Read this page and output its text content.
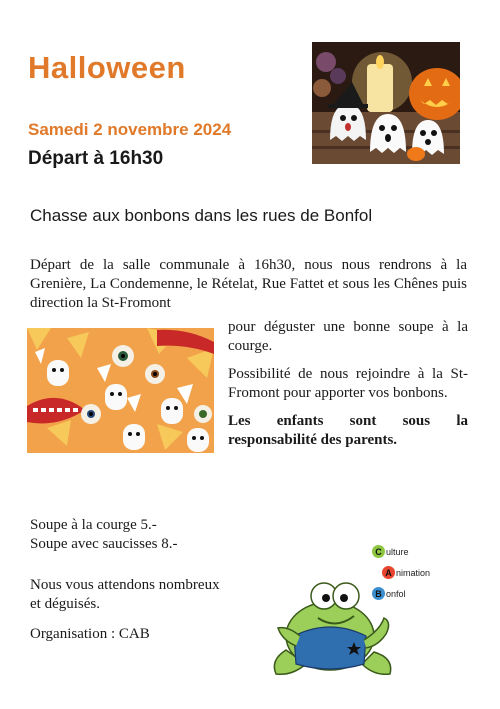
Halloween
Samedi 2 novembre 2024
Départ à 16h30
Chasse aux bonbons dans les rues de Bonfol
Départ de la salle communale à 16h30, nous nous rendrons à la Grenière, La Condemenne, le Rételat, Rue Fattet et sous les Chênes puis direction la St-Fromont

pour déguster une bonne soupe à la courge.

Possibilité de nous rejoindre à la St-Fromont pour apporter vos bonbons.

Les enfants sont sous la responsabilité des parents.

Soupe à la courge 5.-
Soupe avec saucisses 8.-
Nous vous attendons nombreux et déguisés.
Organisation : CAB
C ulture
A nimation
B onfol
